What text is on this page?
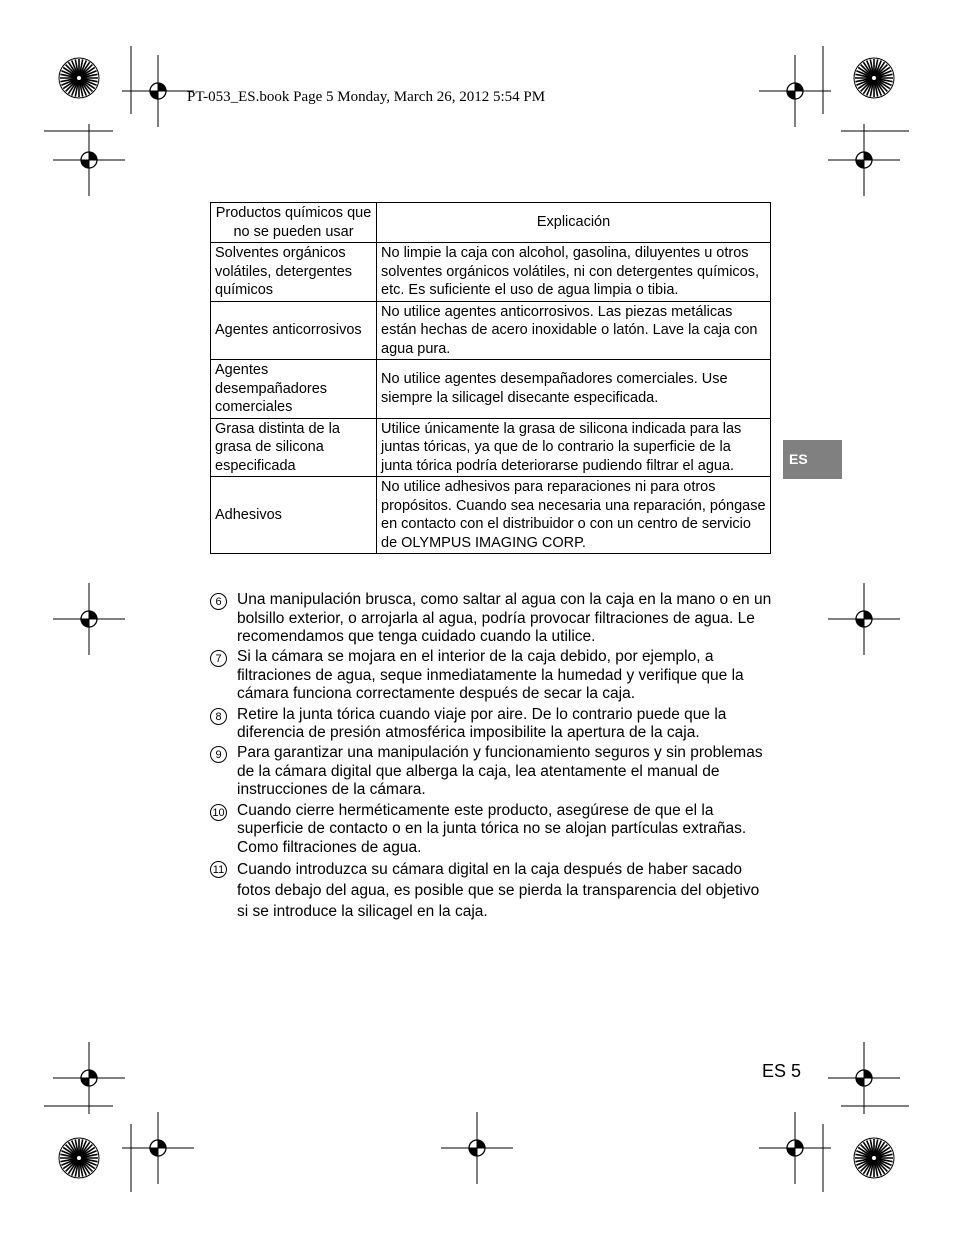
PT-053_ES.book Page 5 Monday, March 26, 2012 5:54 PM
Productos químicos que no se pueden usar	Explicación
Solventes orgánicos volátiles, detergentes químicos	No limpie la caja con alcohol, gasolina, diluyentes u otros solventes orgánicos volátiles, ni con detergentes químicos, etc. Es suficiente el uso de agua limpia o tibia.
Agentes anticorrosivos	No utilice agentes anticorrosivos. Las piezas metálicas están hechas de acero inoxidable o latón. Lave la caja con agua pura.
Agentes desempañadores comerciales	No utilice agentes desempañadores comerciales. Use siempre la silicagel disecante especificada.
Grasa distinta de la grasa de silicona especificada	Utilice únicamente la grasa de silicona indicada para las juntas tóricas, ya que de lo contrario la superficie de la junta tórica podría deteriorarse pudiendo filtrar el agua.
Adhesivos	No utilice adhesivos para reparaciones ni para otros propósitos. Cuando sea necesaria una reparación, póngase en contacto con el distribuidor o con un centro de servicio de OLYMPUS IMAGING CORP.
6 Una manipulación brusca, como saltar al agua con la caja en la mano o en un bolsillo exterior, o arrojarla al agua, podría provocar filtraciones de agua. Le recomendamos que tenga cuidado cuando la utilice.
7 Si la cámara se mojara en el interior de la caja debido, por ejemplo, a filtraciones de agua, seque inmediatamente la humedad y verifique que la cámara funciona correctamente después de secar la caja.
8 Retire la junta tórica cuando viaje por aire. De lo contrario puede que la diferencia de presión atmosférica imposibilite la apertura de la caja.
9 Para garantizar una manipulación y funcionamiento seguros y sin problemas de la cámara digital que alberga la caja, lea atentamente el manual de instrucciones de la cámara.
10 Cuando cierre herméticamente este producto, asegúrese de que el la superficie de contacto o en la junta tórica no se alojan partículas extrañas. Como filtraciones de agua.
11 Cuando introduzca su cámara digital en la caja después de haber sacado fotos debajo del agua, es posible que se pierda la transparencia del objetivo si se introduce la silicagel en la caja.
ES
ES 5
